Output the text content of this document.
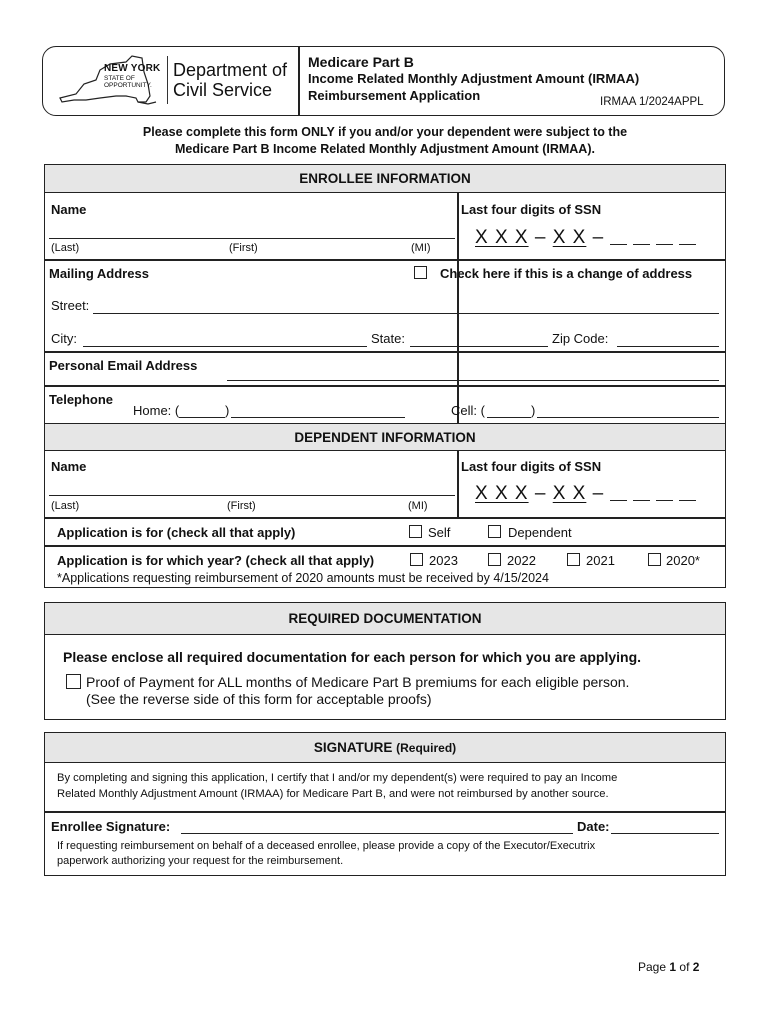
NEW YORK
STATE OF
OPPORTUNITY.
Department of
Civil Service
Medicare Part B
Income Related Monthly Adjustment Amount (IRMAA)
Reimbursement Application	IRMAA 1/2024APPL
Please complete this form ONLY if you and/or your dependent were subject to the
Medicare Part B Income Related Monthly Adjustment Amount (IRMAA).
ENROLLEE INFORMATION
Name
(Last)	(First)	(MI)
Last four digits of SSN
X X X – X X –
Mailing Address	Check here if this is a change of address
Street:
City:	State:	Zip Code:
Personal Email Address
Telephone
Home: (	)	Cell: (	)
DEPENDENT INFORMATION
Name
(Last)	(First)	(MI)
Last four digits of SSN
X X X – X X –
Application is for (check all that apply)	Self	Dependent
Application is for which year? (check all that apply)	2023	2022	2021	2020*
*Applications requesting reimbursement of 2020 amounts must be received by 4/15/2024
REQUIRED DOCUMENTATION
Please enclose all required documentation for each person for which you are applying.
Proof of Payment for ALL months of Medicare Part B premiums for each eligible person.
(See the reverse side of this form for acceptable proofs)
SIGNATURE (Required)
By completing and signing this application, I certify that I and/or my dependent(s) were required to pay an Income
Related Monthly Adjustment Amount (IRMAA) for Medicare Part B, and were not reimbursed by another source.
Enrollee Signature:	Date:
If requesting reimbursement on behalf of a deceased enrollee, please provide a copy of the Executor/Executrix
paperwork authorizing your request for the reimbursement.
Page 1 of 2
